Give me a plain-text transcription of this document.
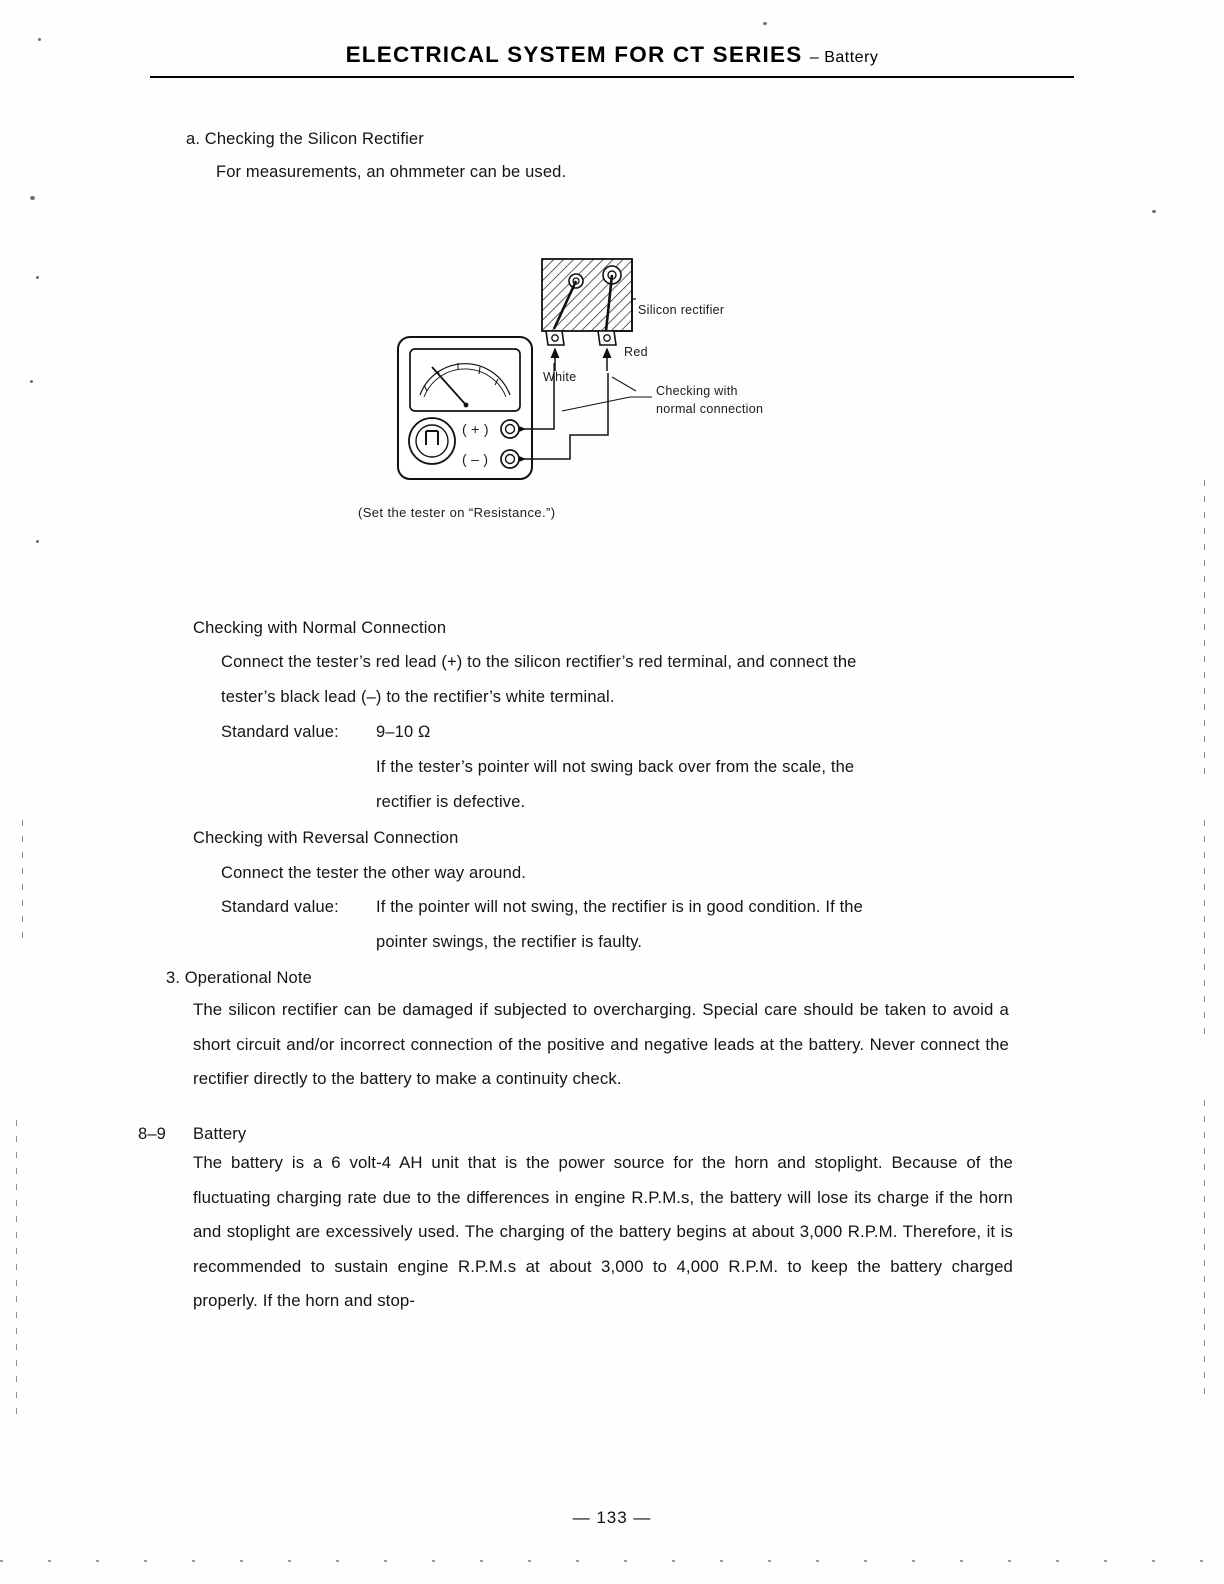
ELECTRICAL SYSTEM FOR CT SERIES – Battery
a. Checking the Silicon Rectifier
For measurements, an ohmmeter can be used.
Silicon rectifier
Red
White
Checking with
normal connection
( + )
( – )
(Set the tester on “Resistance.”)
Checking with Normal Connection
Connect the tester’s red lead (+) to the silicon rectifier’s red terminal, and connect the
tester’s black lead (–) to the rectifier’s white terminal.
Standard value: 9–10 Ω
If the tester’s pointer will not swing back over from the scale, the
rectifier is defective.
Checking with Reversal Connection
Connect the tester the other way around.
Standard value: If the pointer will not swing, the rectifier is in good condition. If the
pointer swings, the rectifier is faulty.
3. Operational Note
The silicon rectifier can be damaged if subjected to overcharging. Special care should be taken to avoid a short circuit and/or incorrect connection of the positive and negative leads at the battery. Never connect the rectifier directly to the battery to make a continuity check.
8–9 Battery
The battery is a 6 volt-4 AH unit that is the power source for the horn and stoplight. Because of the fluctuating charging rate due to the differences in engine R.P.M.s, the battery will lose its charge if the horn and stoplight are excessively used. The charging of the battery begins at about 3,000 R.P.M. Therefore, it is recommended to sustain engine R.P.M.s at about 3,000 to 4,000 R.P.M. to keep the battery charged properly. If the horn and stop-
— 133 —
